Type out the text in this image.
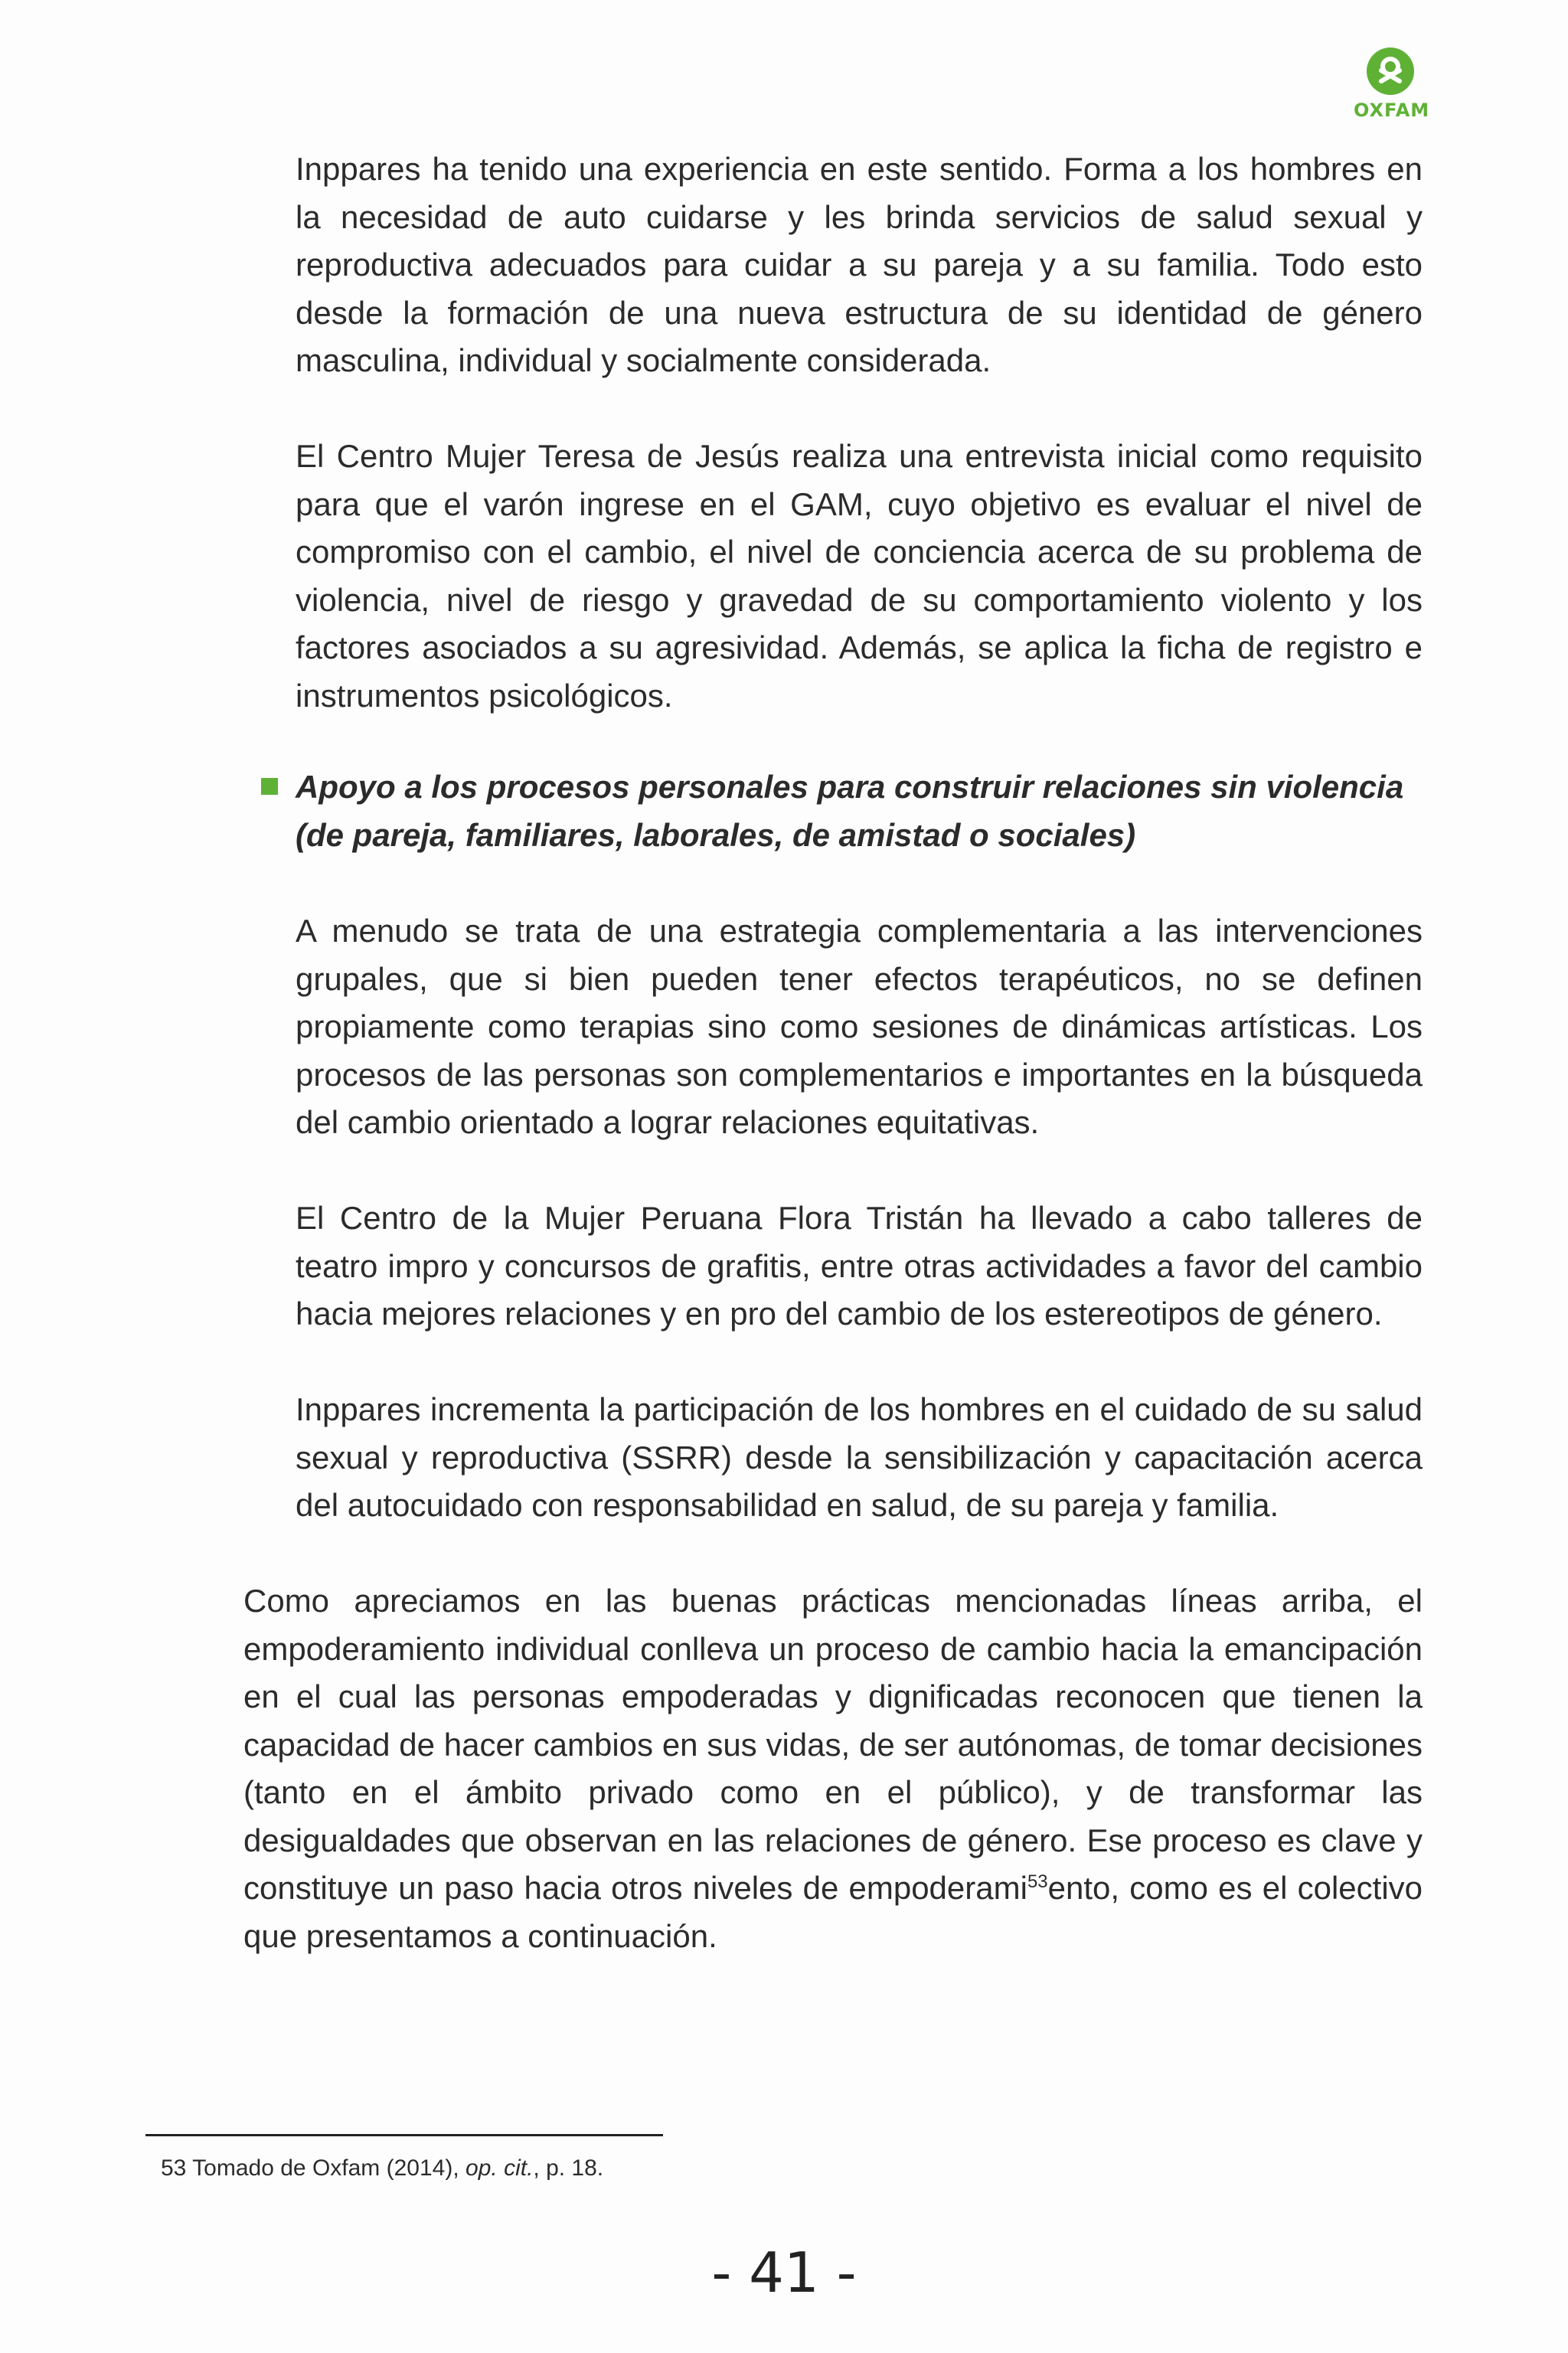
OXFAM

Inppares ha tenido una experiencia en este sentido. Forma a los hombres en la necesidad de auto cuidarse y les brinda servicios de salud sexual y reproductiva adecuados para cuidar a su pareja y a su familia. Todo esto desde la formación de una nueva estructura de su identidad de género masculina, individual y socialmente considerada.

El Centro Mujer Teresa de Jesús realiza una entrevista inicial como requisito para que el varón ingrese en el GAM, cuyo objetivo es evaluar el nivel de compromiso con el cambio, el nivel de conciencia acerca de su problema de violencia, nivel de riesgo y gravedad de su comportamiento violento y los factores asociados a su agresividad. Además, se aplica la ficha de registro e instrumentos psicológicos.

Apoyo a los procesos personales para construir relaciones sin violencia (de pareja, familiares, laborales, de amistad o sociales)

A menudo se trata de una estrategia complementaria a las intervenciones grupales, que si bien pueden tener efectos terapéuticos, no se definen propiamente como terapias sino como sesiones de dinámicas artísticas. Los procesos de las personas son complementarios e importantes en la búsqueda del cambio orientado a lograr relaciones equitativas.

El Centro de la Mujer Peruana Flora Tristán ha llevado a cabo talleres de teatro impro y concursos de grafitis, entre otras actividades a favor del cambio hacia mejores relaciones y en pro del cambio de los estereotipos de género.

Inppares incrementa la participación de los hombres en el cuidado de su salud sexual y reproductiva (SSRR) desde la sensibilización y capacitación acerca del autocuidado con responsabilidad en salud, de su pareja y familia.

Como apreciamos en las buenas prácticas mencionadas líneas arriba, el empoderamiento individual conlleva un proceso de cambio hacia la emancipación en el cual las personas empoderadas y dignificadas reconocen que tienen la capacidad de hacer cambios en sus vidas, de ser autónomas, de tomar decisiones (tanto en el ámbito privado como en el público), y de transformar las desigualdades que observan en las relaciones de género. Ese proceso es clave y constituye un paso hacia otros niveles de empoderami$^{53}$ento, como es el colectivo que presentamos a continuación.

53 Tomado de Oxfam (2014), op. cit., p. 18.
- 41 -
